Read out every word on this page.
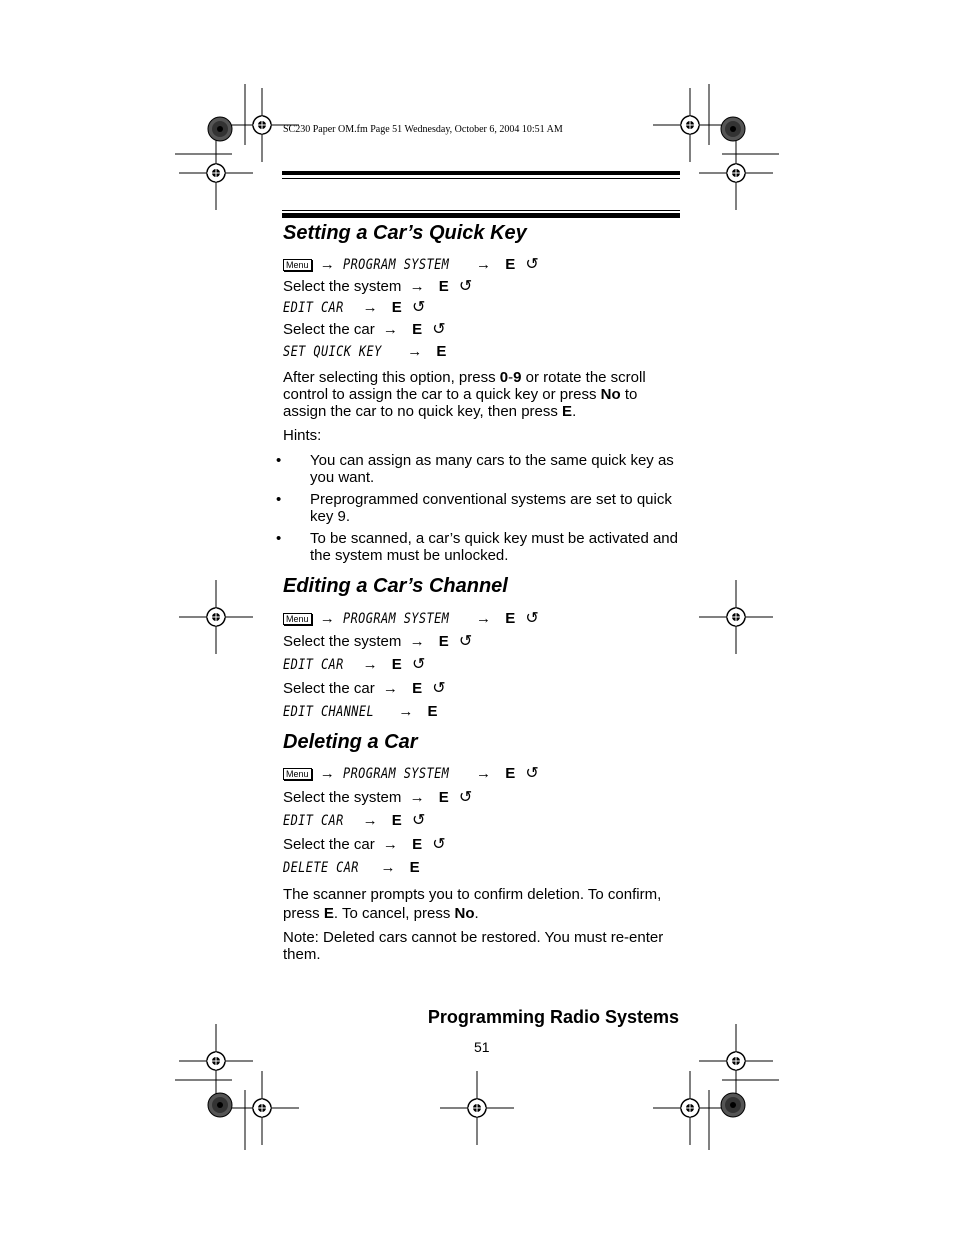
SC230 Paper OM.fm Page 51 Wednesday, October 6, 2004 10:51 AM
Setting a Car’s Quick Key
Menu → PROGRAM SYSTEM → E ↺
Select the system → E ↺
EDIT CAR → E ↺
Select the car → E ↺
SET QUICK KEY → E
After selecting this option, press 0-9 or rotate the scroll control to assign the car to a quick key or press No to assign the car to no quick key, then press E.
Hints:
• You can assign as many cars to the same quick key as you want.
• Preprogrammed conventional systems are set to quick key 9.
• To be scanned, a car’s quick key must be activated and the system must be unlocked.
Editing a Car’s Channel
Menu → PROGRAM SYSTEM → E ↺
Select the system → E ↺
EDIT CAR → E ↺
Select the car → E ↺
EDIT CHANNEL → E
Deleting a Car
Menu → PROGRAM SYSTEM → E ↺
Select the system → E ↺
EDIT CAR → E ↺
Select the car → E ↺
DELETE CAR → E
The scanner prompts you to confirm deletion. To confirm, press E. To cancel, press No.
Note: Deleted cars cannot be restored. You must re-enter them.
Programming Radio Systems
51
